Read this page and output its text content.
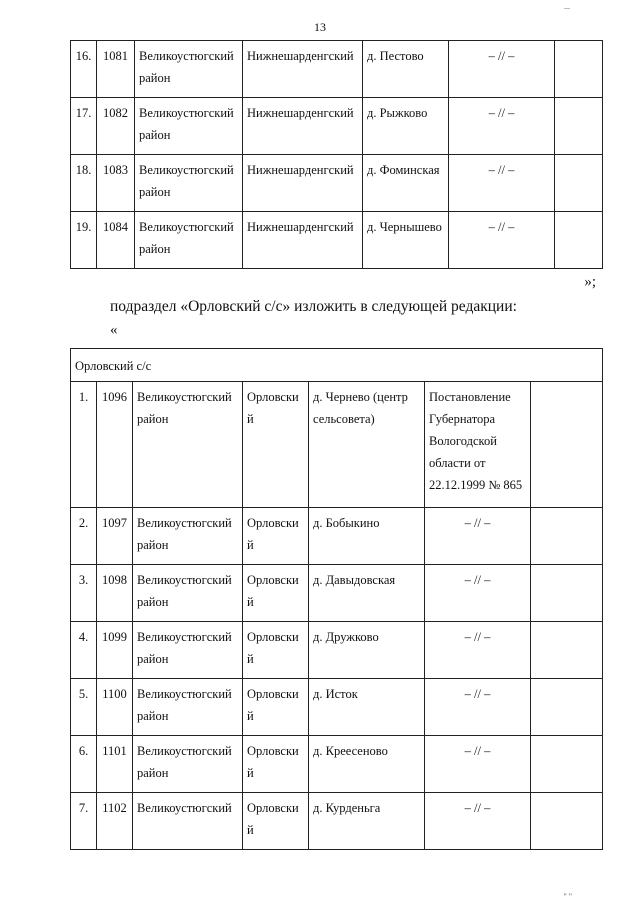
...
13
16.	1081	Великоустюгский район	Нижнешарденгский	д. Пестово	– // –	
17.	1082	Великоустюгский район	Нижнешарденгский	д. Рыжково	– // –	
18.	1083	Великоустюгский район	Нижнешарденгский	д. Фоминская	– // –	
19.	1084	Великоустюгский район	Нижнешарденгский	д. Чернышево	– // –	
»;
подраздел «Орловский с/с» изложить в следующей редакции:
«
Орловский с/с						
1.	1096	Великоустюгский район	Орловский	д. Чернево (центр сельсовета)	Постановление Губернатора Вологодской области от 22.12.1999 № 865	
2.	1097	Великоустюгский район	Орловский	д. Бобыкино	– // –	
3.	1098	Великоустюгский район	Орловский	д. Давыдовская	– // –	
4.	1099	Великоустюгский район	Орловский	д. Дружково	– // –	
5.	1100	Великоустюгский район	Орловский	д. Исток	– // –	
6.	1101	Великоустюгский район	Орловский	д. Креесеново	– // –	
7.	1102	Великоустюгский	Орловский	д. Курденьга	– // –	
" "
